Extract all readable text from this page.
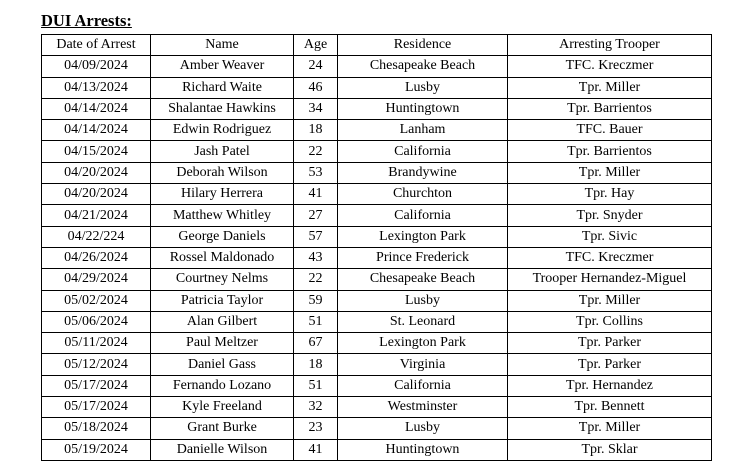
DUI Arrests:
Date of Arrest	Name	Age	Residence	Arresting Trooper
04/09/2024	Amber Weaver	24	Chesapeake Beach	TFC. Kreczmer
04/13/2024	Richard Waite	46	Lusby	Tpr. Miller
04/14/2024	Shalantae Hawkins	34	Huntingtown	Tpr. Barrientos
04/14/2024	Edwin Rodriguez	18	Lanham	TFC. Bauer
04/15/2024	Jash Patel	22	California	Tpr. Barrientos
04/20/2024	Deborah Wilson	53	Brandywine	Tpr. Miller
04/20/2024	Hilary Herrera	41	Churchton	Tpr. Hay
04/21/2024	Matthew Whitley	27	California	Tpr. Snyder
04/22/224	George Daniels	57	Lexington Park	Tpr. Sivic
04/26/2024	Rossel Maldonado	43	Prince Frederick	TFC. Kreczmer
04/29/2024	Courtney Nelms	22	Chesapeake Beach	Trooper Hernandez-Miguel
05/02/2024	Patricia Taylor	59	Lusby	Tpr. Miller
05/06/2024	Alan Gilbert	51	St. Leonard	Tpr. Collins
05/11/2024	Paul Meltzer	67	Lexington Park	Tpr. Parker
05/12/2024	Daniel Gass	18	Virginia	Tpr. Parker
05/17/2024	Fernando Lozano	51	California	Tpr. Hernandez
05/17/2024	Kyle Freeland	32	Westminster	Tpr. Bennett
05/18/2024	Grant Burke	23	Lusby	Tpr. Miller
05/19/2024	Danielle Wilson	41	Huntingtown	Tpr. Sklar
